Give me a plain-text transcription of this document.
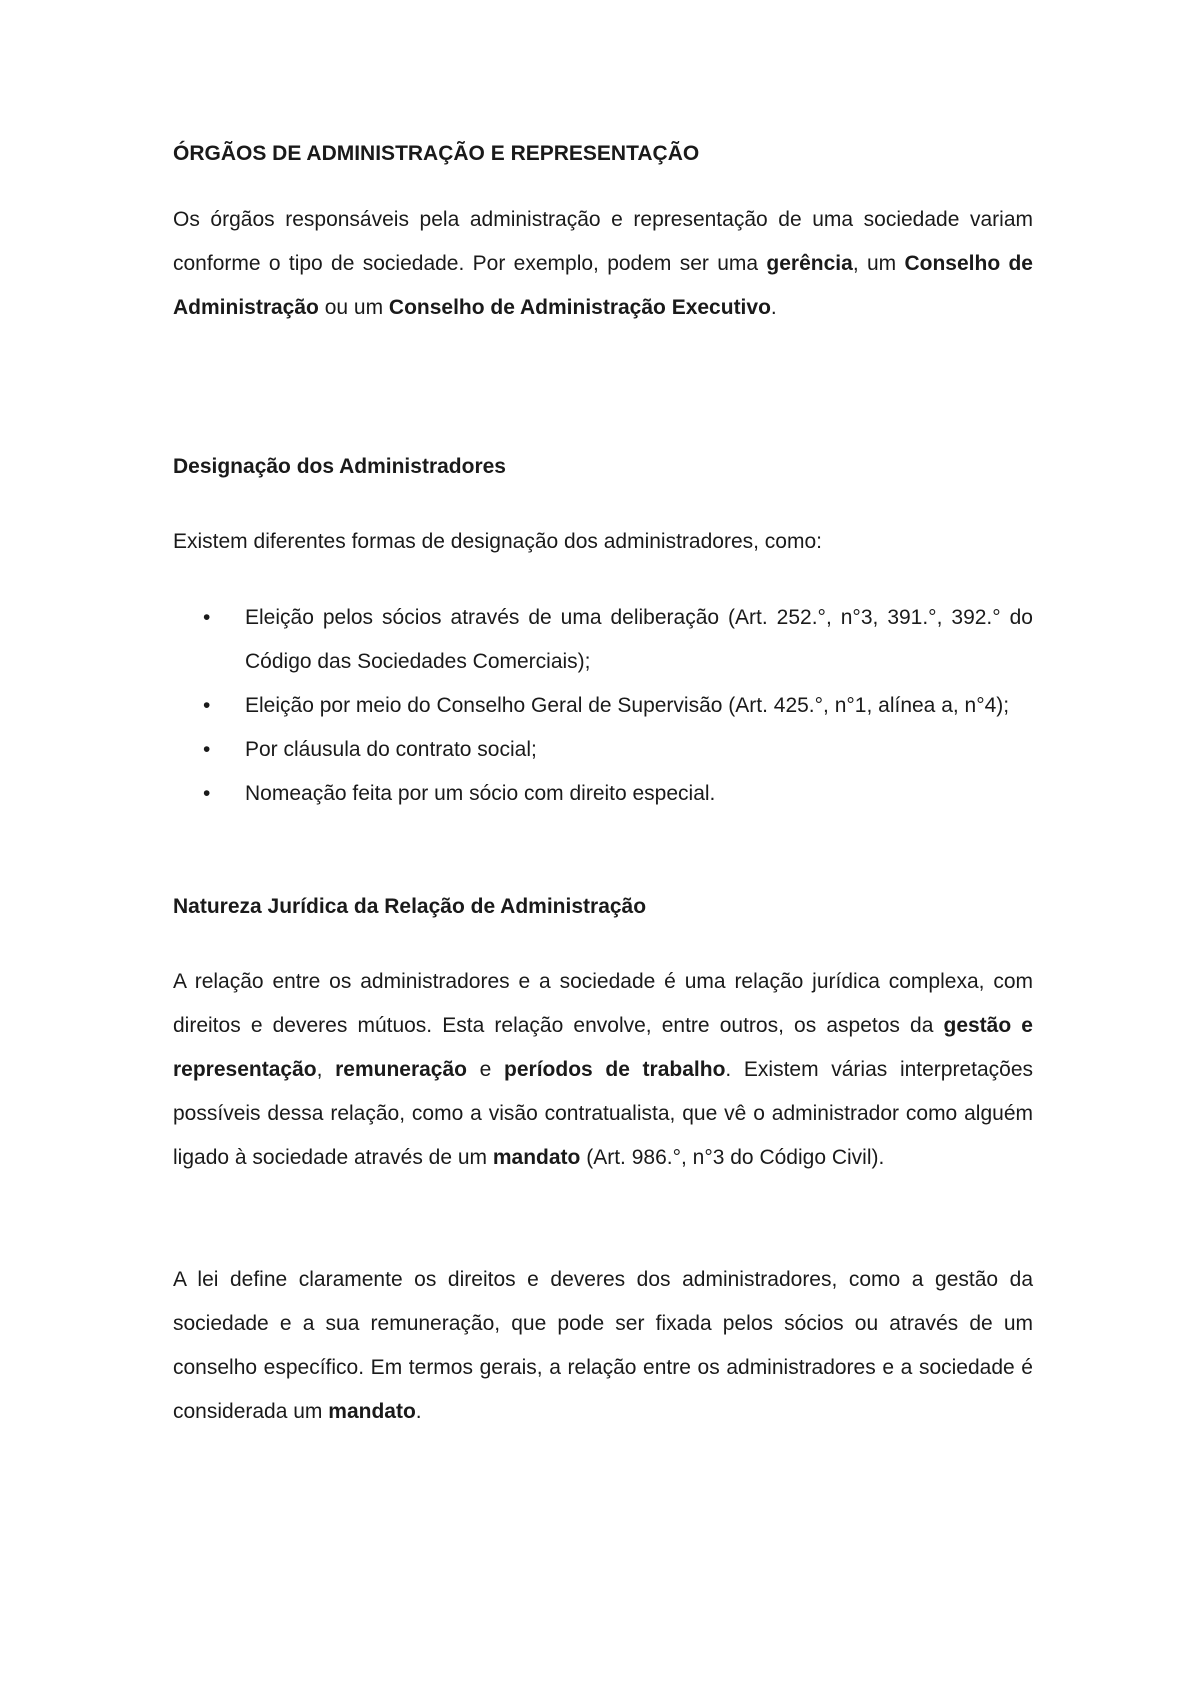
ÓRGÃOS DE ADMINISTRAÇÃO E REPRESENTAÇÃO

Os órgãos responsáveis pela administração e representação de uma sociedade variam conforme o tipo de sociedade. Por exemplo, podem ser uma gerência, um Conselho de Administração ou um Conselho de Administração Executivo.

Designação dos Administradores

Existem diferentes formas de designação dos administradores, como:

• Eleição pelos sócios através de uma deliberação (Art. 252.°, n°3, 391.°, 392.° do Código das Sociedades Comerciais);
• Eleição por meio do Conselho Geral de Supervisão (Art. 425.°, n°1, alínea a, n°4);
• Por cláusula do contrato social;
• Nomeação feita por um sócio com direito especial.
Natureza Jurídica da Relação de Administração

A relação entre os administradores e a sociedade é uma relação jurídica complexa, com direitos e deveres mútuos. Esta relação envolve, entre outros, os aspetos da gestão e representação, remuneração e períodos de trabalho. Existem várias interpretações possíveis dessa relação, como a visão contratualista, que vê o administrador como alguém ligado à sociedade através de um mandato (Art. 986.°, n°3 do Código Civil).

A lei define claramente os direitos e deveres dos administradores, como a gestão da sociedade e a sua remuneração, que pode ser fixada pelos sócios ou através de um conselho específico. Em termos gerais, a relação entre os administradores e a sociedade é considerada um mandato.
